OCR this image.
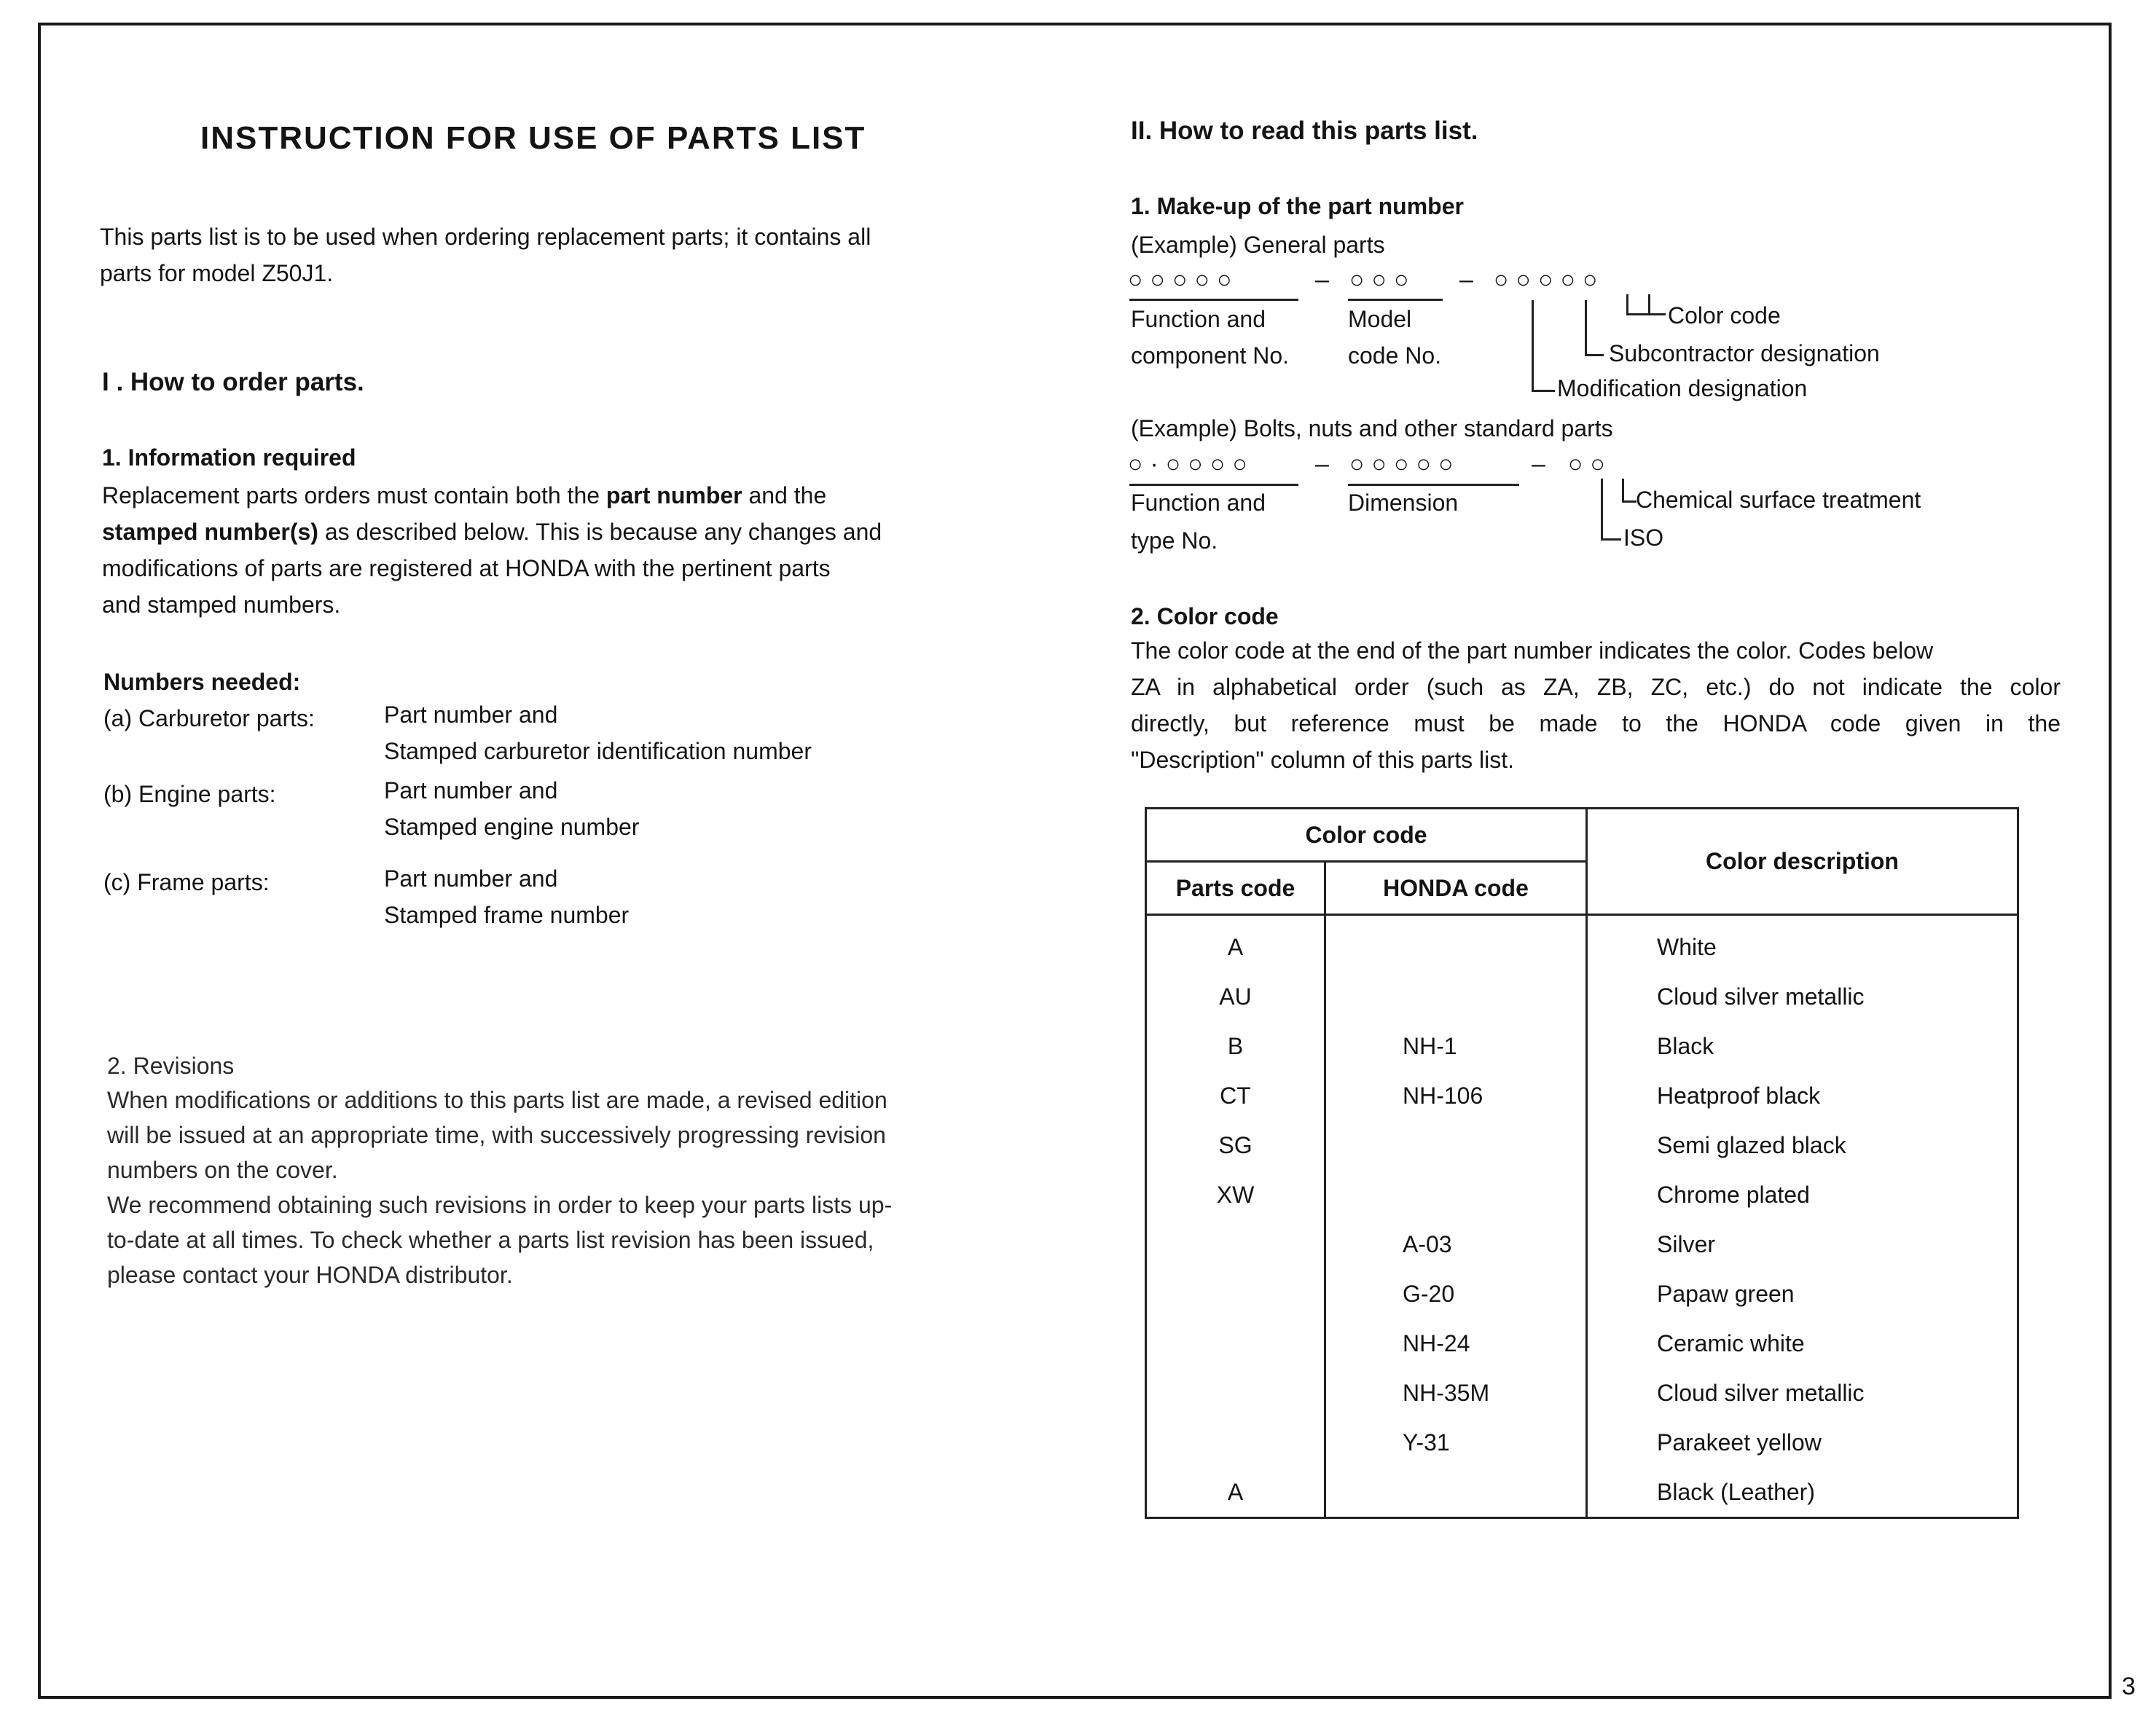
3
INSTRUCTION FOR USE OF PARTS LIST
This parts list is to be used when ordering replacement parts; it contains all
parts for model Z50J1.
I . How to order parts.
1. Information required
Replacement parts orders must contain both the part number and the
stamped number(s) as described below. This is because any changes and
modifications of parts are registered at HONDA with the pertinent parts
and stamped numbers.
Numbers needed:
(a) Carburetor parts:	Part number and
Stamped carburetor identification number
(b) Engine parts:	Part number and
Stamped engine number
(c) Frame parts:	Part number and
Stamped frame number
2. Revisions
When modifications or additions to this parts list are made, a revised edition
will be issued at an appropriate time, with successively progressing revision
numbers on the cover.
We recommend obtaining such revisions in order to keep your parts lists up-
to-date at all times. To check whether a parts list revision has been issued,
please contact your HONDA distributor.
II. How to read this parts list.
1. Make-up of the part number
(Example) General parts
○○○○○	– ○○○ – ○○○○○
Function and
component No.
Model
code No.
Color code
Subcontractor designation
Modification designation
(Example) Bolts, nuts and other standard parts
○·○○○○ – ○○○○○	– ○○
Function and
type No.
Dimension	Chemical surface treatment
ISO
2. Color code
The color code at the end of the part number indicates the color. Codes below
ZA in alphabetical order (such as ZA, ZB, ZC, etc.) do not indicate the color
directly, but reference must be made to the HONDA code given in the
"Description" column of this parts list.
Color code		Color description
Parts code	HONDA code	
A		White
AU		Cloud silver metallic
B	NH-1	Black
CT	NH-106	Heatproof black
SG		Semi glazed black
XW		Chrome plated
	A-03	Silver
	G-20	Papaw green
	NH-24	Ceramic white
	NH-35M	Cloud silver metallic
	Y-31	Parakeet yellow
A		Black (Leather)
